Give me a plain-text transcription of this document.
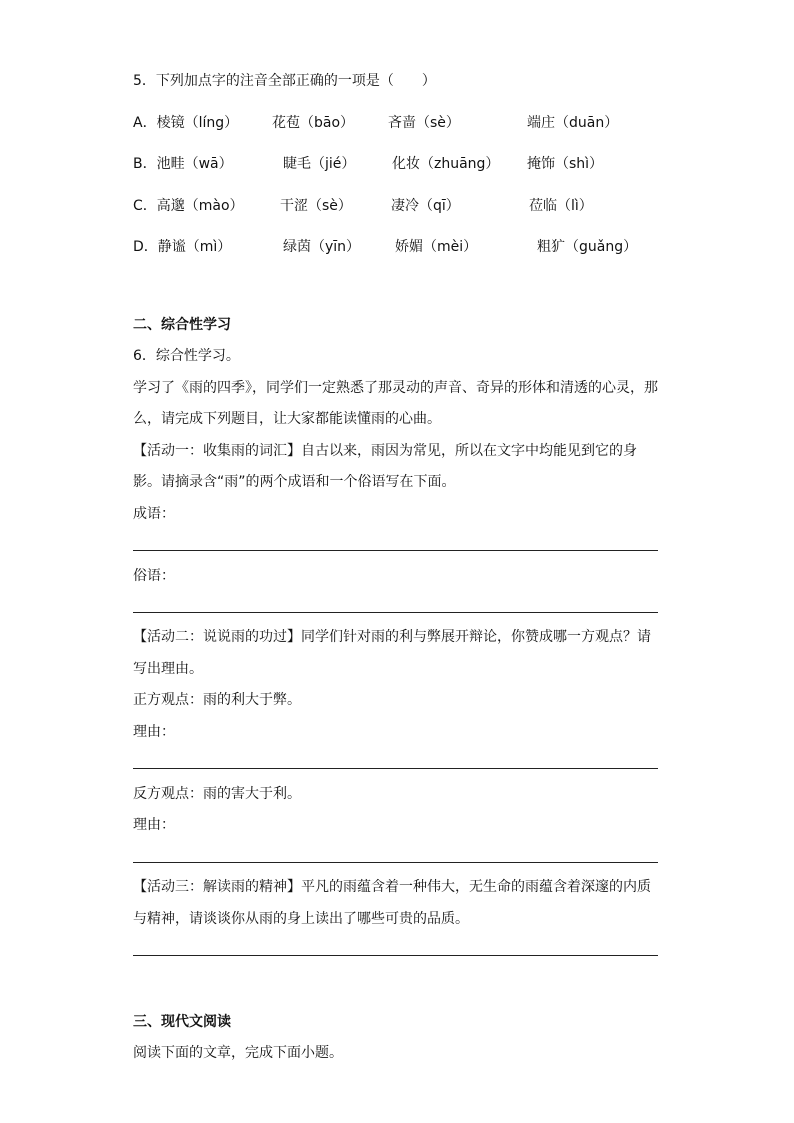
5．下列加点字的注音全部正确的一项是（　　）
A．棱镜（líng） 花苞（bāo） 吝啬（sè）	端庄（duān）
B．池畦（wā）	睫毛（jié）	化妆（zhuāng） 掩饰（shì）
C．高邈（mào）	干涩（sè）	凄冷（qī）	莅临（lì）
D．静谧（mì）	绿茵（yīn） 娇媚（mèi）	粗犷（guǎng）
二、综合性学习
6．综合性学习。
学习了《雨的四季》，同学们一定熟悉了那灵动的声音、奇异的形体和清透的心灵，那
么，请完成下列题目，让大家都能读懂雨的心曲。
【活动一：收集雨的词汇】自古以来，雨因为常见，所以在文字中均能见到它的身
影。请摘录含“雨”的两个成语和一个俗语写在下面。
成语：
俗语：
【活动二：说说雨的功过】同学们针对雨的利与弊展开辩论，你赞成哪一方观点？请
写出理由。
正方观点：雨的利大于弊。
理由：
反方观点：雨的害大于利。
理由：
【活动三：解读雨的精神】平凡的雨蕴含着一种伟大，无生命的雨蕴含着深邃的内质
与精神，请谈谈你从雨的身上读出了哪些可贵的品质。
三、现代文阅读
阅读下面的文章，完成下面小题。
